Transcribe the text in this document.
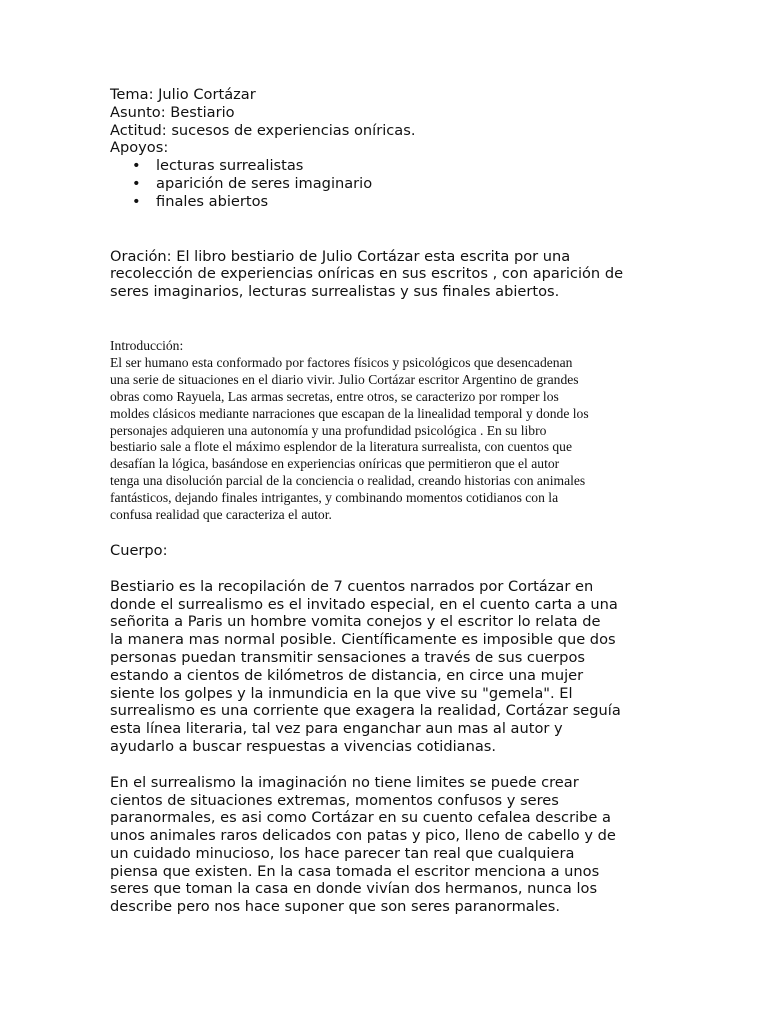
Tema: Julio Cortázar
Asunto: Bestiario
Actitud: sucesos de experiencias oníricas.
Apoyos:
• lecturas surrealistas
• aparición de seres imaginario
• finales abiertos
Oración: El libro bestiario de Julio Cortázar esta escrita por una
recolección de experiencias oníricas en sus escritos , con aparición de
seres imaginarios, lecturas surrealistas y sus finales abiertos.
Introducción:
El ser humano esta conformado por factores físicos y psicológicos que desencadenan
una serie de situaciones en el diario vivir. Julio Cortázar escritor Argentino de grandes
obras como Rayuela, Las armas secretas, entre otros, se caracterizo por romper los
moldes clásicos mediante narraciones que escapan de la linealidad temporal y donde los
personajes adquieren una autonomía y una profundidad psicológica . En su libro
bestiario sale a flote el máximo esplendor de la literatura surrealista, con cuentos que
desafían la lógica, basándose en experiencias oníricas que permitieron que el autor
tenga una disolución parcial de la conciencia o realidad, creando historias con animales
fantásticos, dejando finales intrigantes, y combinando momentos cotidianos con la
confusa realidad que caracteriza el autor.
Cuerpo:
Bestiario es la recopilación de 7 cuentos narrados por Cortázar en
donde el surrealismo es el invitado especial, en el cuento carta a una
señorita a Paris un hombre vomita conejos y el escritor lo relata de
la manera mas normal posible. Científicamente es imposible que dos
personas puedan transmitir sensaciones a través de sus cuerpos
estando a cientos de kilómetros de distancia, en circe una mujer
siente los golpes y la inmundicia en la que vive su "gemela". El
surrealismo es una corriente que exagera la realidad, Cortázar seguía
esta línea literaria, tal vez para enganchar aun mas al autor y
ayudarlo a buscar respuestas a vivencias cotidianas.
En el surrealismo la imaginación no tiene limites se puede crear
cientos de situaciones extremas, momentos confusos y seres
paranormales, es asi como Cortázar en su cuento cefalea describe a
unos animales raros delicados con patas y pico, lleno de cabello y de
un cuidado minucioso, los hace parecer tan real que cualquiera
piensa que existen. En la casa tomada el escritor menciona a unos
seres que toman la casa en donde vivían dos hermanos, nunca los
describe pero nos hace suponer que son seres paranormales.
